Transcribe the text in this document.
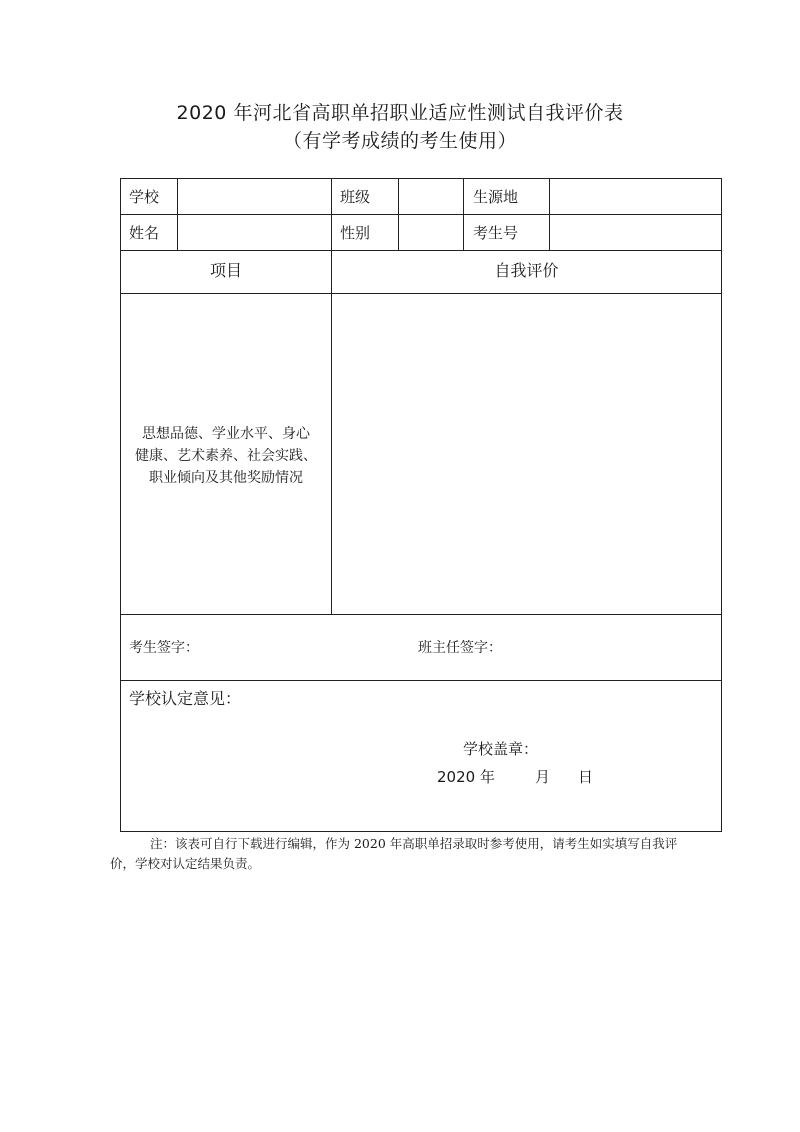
2020 年河北省高职单招职业适应性测试自我评价表
（有学考成绩的考生使用）
学校	班级	生源地
姓名	性别	考生号
项目	自我评价
思想品德、学业水平、身心
健康、艺术素养、社会实践、
职业倾向及其他奖励情况
考生签字：	班主任签字：
学校认定意见：
学校盖章：
2020 年	月 日
注：该表可自行下载进行编辑，作为 2020 年高职单招录取时参考使用，请考生如实填写自我评价，学校对认定结果负责。
